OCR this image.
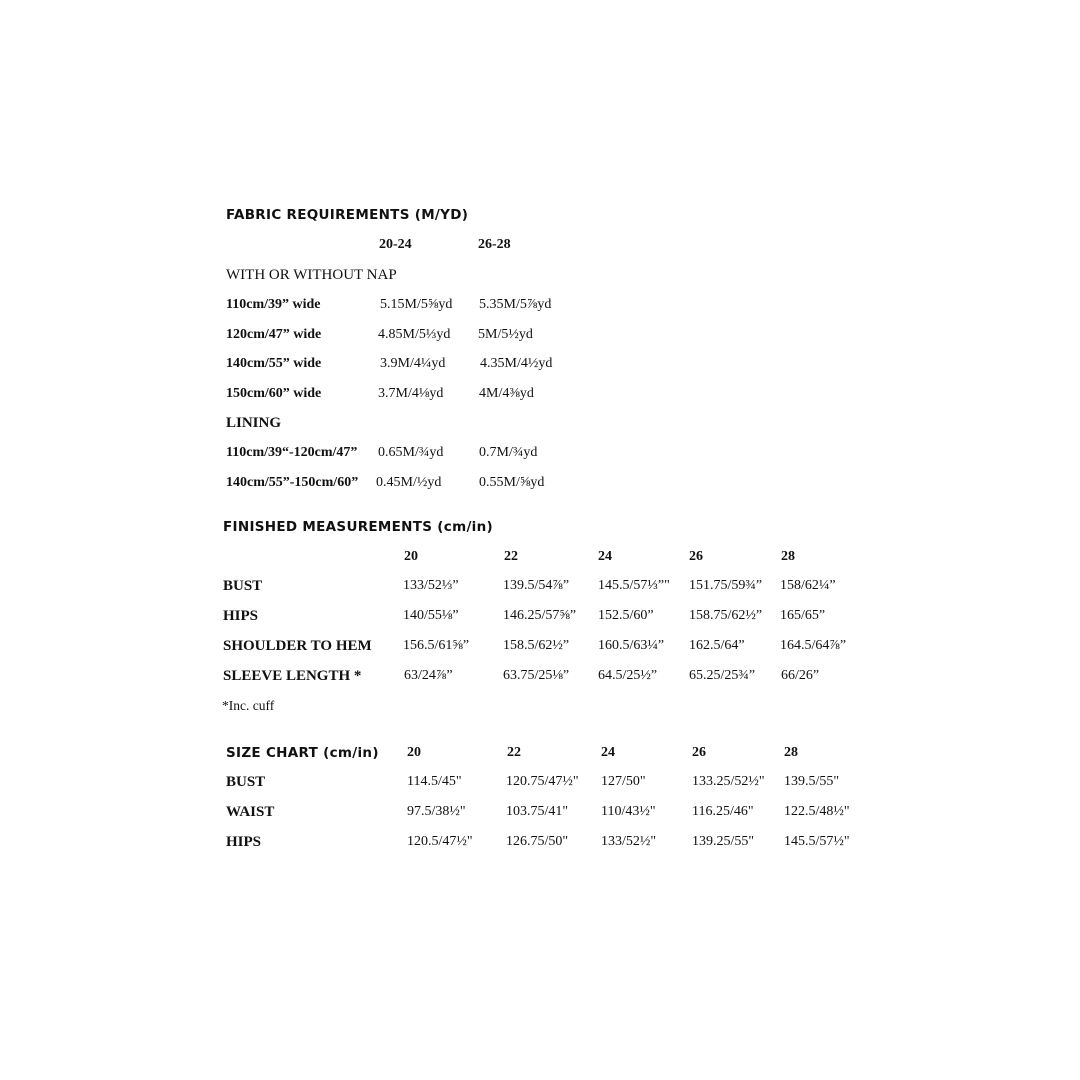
FABRIC REQUIREMENTS (M/YD)
20-24	26-28
WITH OR WITHOUT NAP
110cm/39” wide	5.15M/5⅝yd 5.35M/5⅞yd
120cm/47” wide	4.85M/5⅓yd 5M/5½yd
140cm/55” wide	3.9M/4¼yd 4.35M/4½yd
150cm/60” wide	3.7M/4⅛yd	4M/4⅜yd
LINING
110cm/39“-120cm/47” 0.65M/¾yd	0.7M/¾yd
140cm/55”-150cm/60” 0.45M/½yd	0.55M/⅝yd
FINISHED MEASUREMENTS (cm/in)
20	22	24	26	28
BUST	133/52⅓”	139.5/54⅞” 145.5/57⅓”" 151.75/59¾” 158/62¼”
HIPS	140/55⅛”	146.25/57⅝” 152.5/60”	158.75/62½” 165/65”
SHOULDER TO HEM 156.5/61⅝” 158.5/62½” 160.5/63¼” 162.5/64”	164.5/64⅞”
SLEEVE LENGTH *	63/24⅞”	63.75/25⅛” 64.5/25½” 65.25/25¾” 66/26”
*Inc. cuff
SIZE CHART (cm/in) 20	22	24	26	28
BUST	114.5/45"	120.75/47½" 127/50"	133.25/52½" 139.5/55"
WAIST	97.5/38½"	103.75/41" 110/43½"	116.25/46" 122.5/48½"
HIPS	120.5/47½" 126.75/50" 133/52½"	139.25/55" 145.5/57½"
